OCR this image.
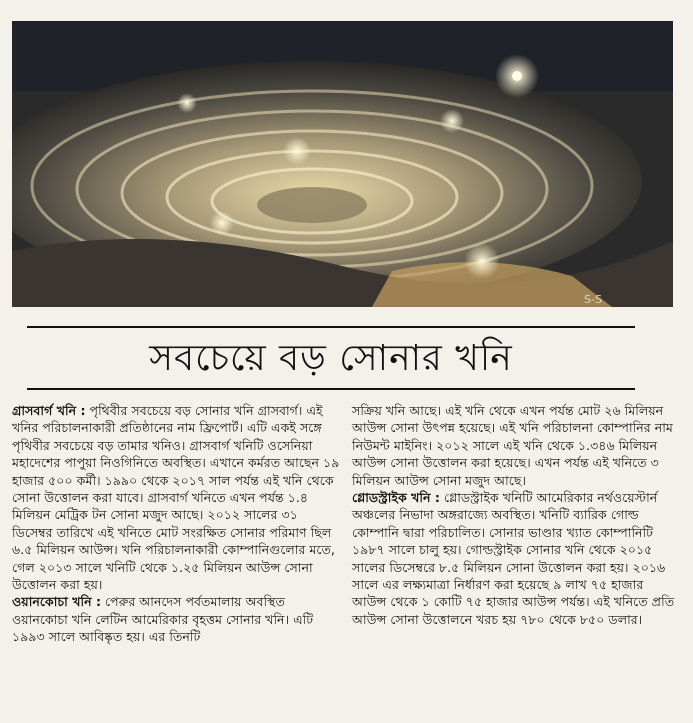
S-S
সবচেয়ে বড় সোনার খনি

গ্রাসবার্গ খনি : পৃথিবীর সবচেয়ে বড় সোনার খনি গ্রাসবার্গ। এই খনির পরিচালনাকারী প্রতিষ্ঠানের নাম ফ্রিপোর্ট। এটি একই সঙ্গে পৃথিবীর সবচেয়ে বড় তামার খনিও। গ্রাসবার্গ খনিটি ওসেনিয়া মহাদেশের পাপুয়া নিওগিনিতে অবস্থিত। এখানে কর্মরত আছেন ১৯ হাজার ৫০০ কর্মী। ১৯৯০ থেকে ২০১৭ সাল পর্যন্ত এই খনি থেকে সোনা উত্তোলন করা যাবে। গ্রাসবার্গ খনিতে এখন পর্যন্ত ১.৪ মিলিয়ন মেট্রিক টন সোনা মজুদ আছে। ২০১২ সালের ৩১ ডিসেম্বর তারিখে এই খনিতে মোট সংরক্ষিত সোনার পরিমাণ ছিল ৬.৫ মিলিয়ন আউন্স। খনি পরিচালনাকারী কোম্পানিগুলোর মতে, গেল ২০১৩ সালে খনিটি থেকে ১.২৫ মিলিয়ন আউন্স সোনা উত্তোলন করা হয়।

ওয়ানকোচা খনি : পেরুর আনদেস পর্বতমালায় অবস্থিত ওয়ানকোচা খনি লেটিন আমেরিকার বৃহত্তম সোনার খনি। এটি ১৯৯৩ সালে আবিষ্কৃত হয়। এর তিনটি

সক্রিয় খনি আছে। এই খনি থেকে এখন পর্যন্ত মোট ২৬ মিলিয়ন আউন্স সোনা উৎপন্ন হয়েছে। এই খনি পরিচালনা কোম্পানির নাম নিউমন্ট মাইনিং। ২০১২ সালে এই খনি থেকে ১.৩৪৬ মিলিয়ন আউন্স সোনা উত্তোলন করা হয়েছে। এখন পর্যন্ত এই খনিতে ৩ মিলিয়ন আউন্স সোনা মজুদ আছে।

গ্লোডস্ট্রাইক খনি : গ্লোডস্ট্রাইক খনিটি আমেরিকার নর্থওয়েস্টার্ন অঞ্চলের নিভাদা অঙ্গরাজ্যে অবস্থিত। খনিটি ব্যারিক গোল্ড কোম্পানি দ্বারা পরিচালিত। সোনার ভাণ্ডার খ্যাত কোম্পানিটি ১৯৮৭ সালে চালু হয়। গোল্ডস্ট্রাইক সোনার খনি থেকে ২০১৫ সালের ডিসেম্বরে ৮.৫ মিলিয়ন সোনা উত্তোলন করা হয়। ২০১৬ সালে এর লক্ষ্যমাত্রা নির্ধারণ করা হয়েছে ৯ লাখ ৭৫ হাজার আউন্স থেকে ১ কোটি ৭৫ হাজার আউন্স পর্যন্ত। এই খনিতে প্রতি আউন্স সোনা উত্তোলনে খরচ হয় ৭৮০ থেকে ৮৫০ ডলার।
